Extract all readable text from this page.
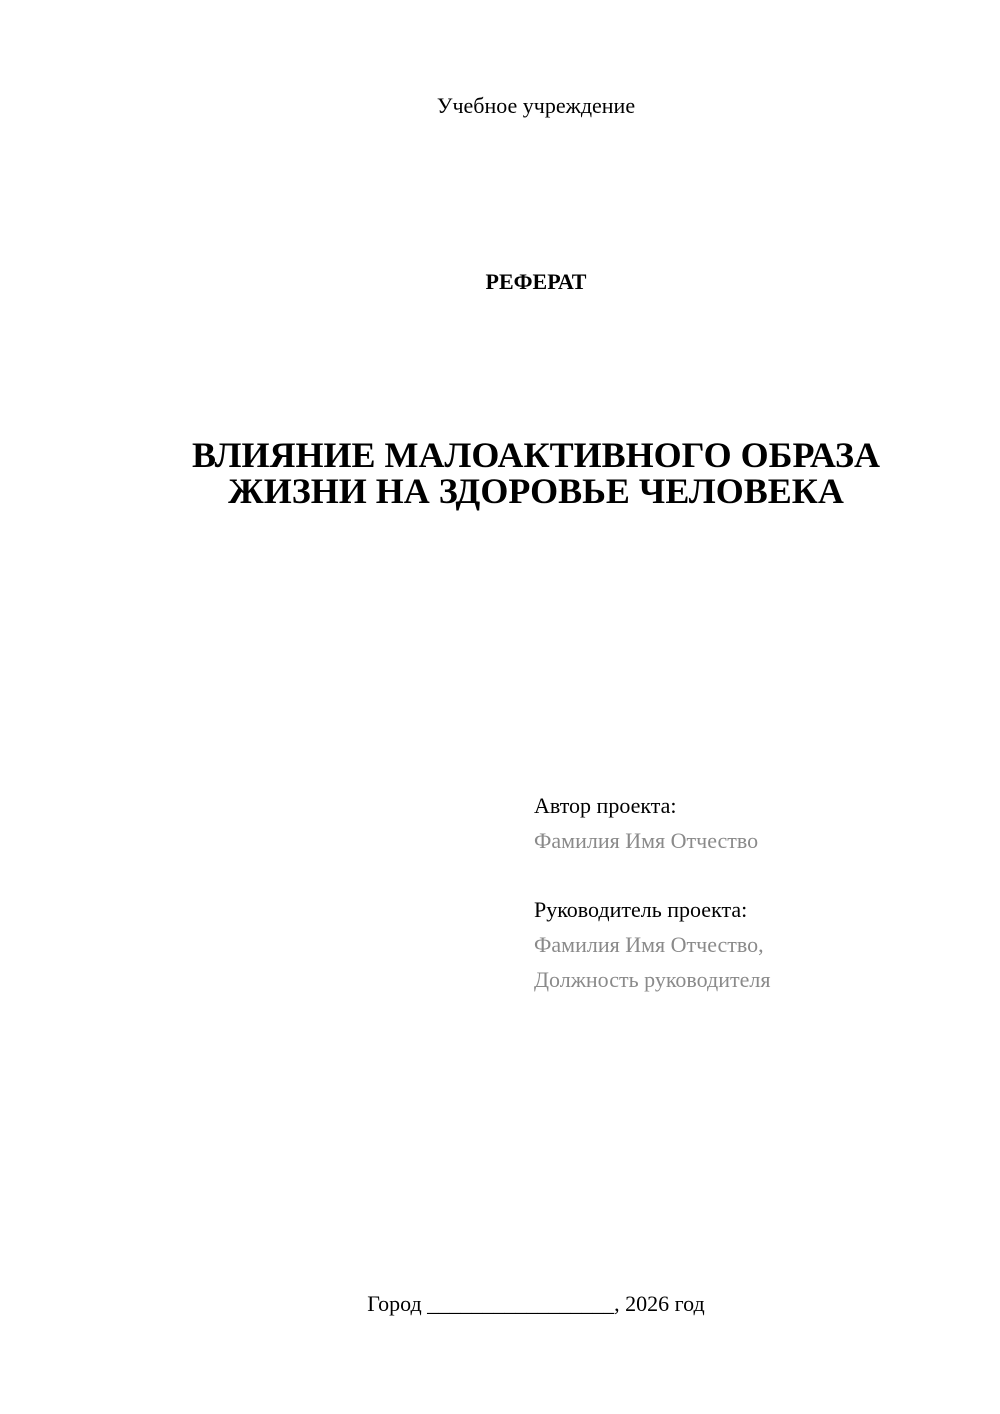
Учебное учреждение
РЕФЕРАТ
ВЛИЯНИЕ МАЛОАКТИВНОГО ОБРАЗА
ЖИЗНИ НА ЗДОРОВЬЕ ЧЕЛОВЕКА
Автор проекта:
Фамилия Имя Отчество
Руководитель проекта:
Фамилия Имя Отчество,
Должность руководителя
Город _________________, 2026 год
